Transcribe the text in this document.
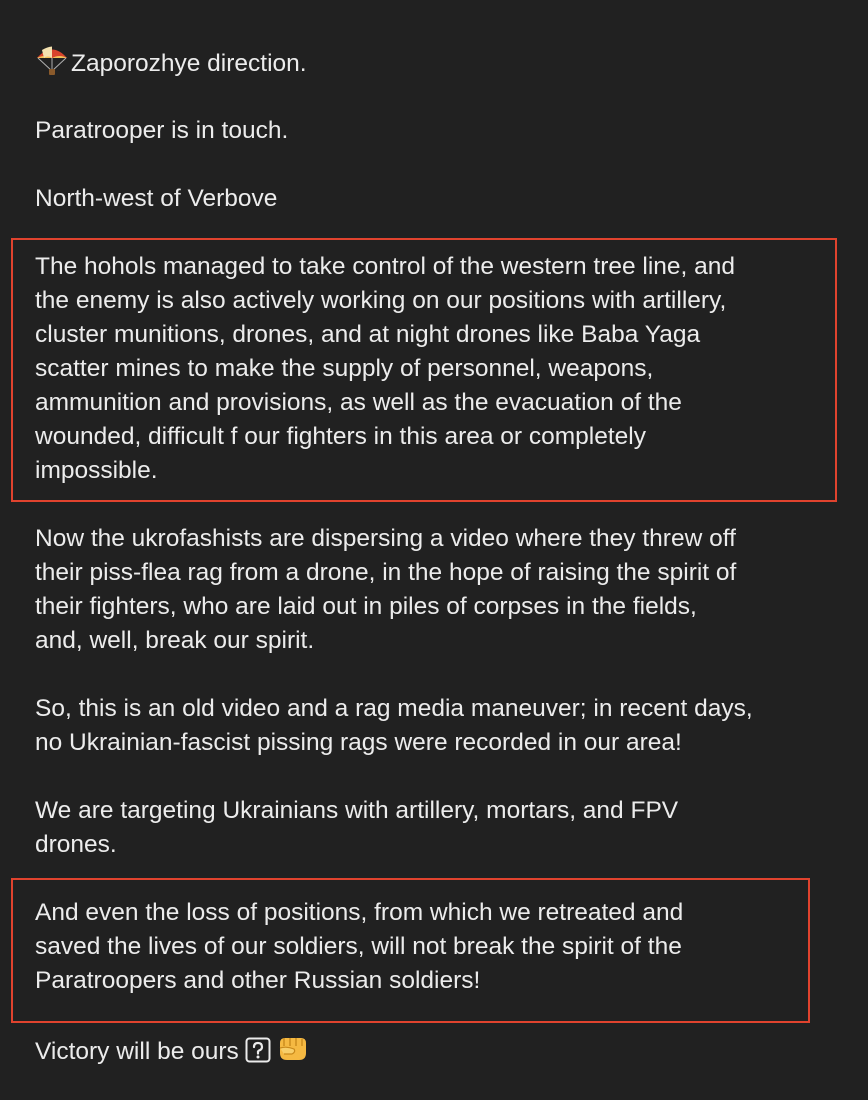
Zaporozhye direction.
Paratrooper is in touch.
North-west of Verbove
The hohols managed to take control of the western tree line, and
the enemy is also actively working on our positions with artillery,
cluster munitions, drones, and at night drones like Baba Yaga
scatter mines to make the supply of personnel, weapons,
ammunition and provisions, as well as the evacuation of the
wounded, difficult f our fighters in this area or completely
impossible.
Now the ukrofashists are dispersing a video where they threw off
their piss-flea rag from a drone, in the hope of raising the spirit of
their fighters, who are laid out in piles of corpses in the fields,
and, well, break our spirit.
So, this is an old video and a rag media maneuver; in recent days,
no Ukrainian-fascist pissing rags were recorded in our area!
We are targeting Ukrainians with artillery, mortars, and FPV
drones.
And even the loss of positions, from which we retreated and
saved the lives of our soldiers, will not break the spirit of the
Paratroopers and other Russian soldiers!
Victory will be ours
